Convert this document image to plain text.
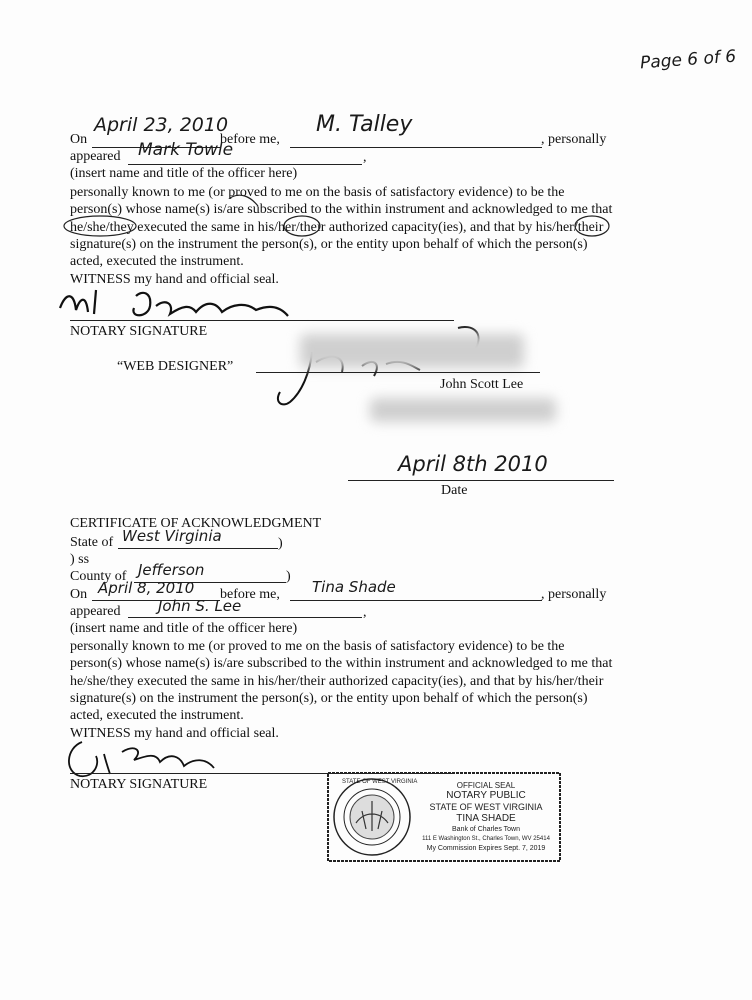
Page 6 of 6
On
April 23, 2010
before me,
M. Talley
, personally
appeared Mark Towle	,
(insert name and title of the officer here)
personally known to me (or proved to me on the basis of satisfactory evidence) to be the
person(s) whose name(s) is/are subscribed to the within instrument and acknowledged to me that
he/she/they executed the same in his/her/their authorized capacity(ies), and that by his/her/their
signature(s) on the instrument the person(s), or the entity upon behalf of which the person(s)
acted, executed the instrument.
WITNESS my hand and official seal.
NOTARY SIGNATURE
“WEB DESIGNER”
John Scott Lee
April 8th 2010
Date
CERTIFICATE OF ACKNOWLEDGMENT
State of West Virginia	)
) ss
County of Jefferson	)
On April 8, 2010 before me, Tina Shade	, personally
appeared John S. Lee	,
(insert name and title of the officer here)
personally known to me (or proved to me on the basis of satisfactory evidence) to be the
person(s) whose name(s) is/are subscribed to the within instrument and acknowledged to me that
he/she/they executed the same in his/her/their authorized capacity(ies), and that by his/her/their
signature(s) on the instrument the person(s), or the entity upon behalf of which the person(s)
acted, executed the instrument.
WITNESS my hand and official seal.
NOTARY SIGNATURE	STATE OF WEST VIRGINIA	OFFICIAL SEAL
NOTARY PUBLIC
STATE OF WEST VIRGINIA
TINA SHADE
Bank of Charles Town
111 E Washington St., Charles Town, WV 25414
My Commission Expires Sept. 7, 2019
